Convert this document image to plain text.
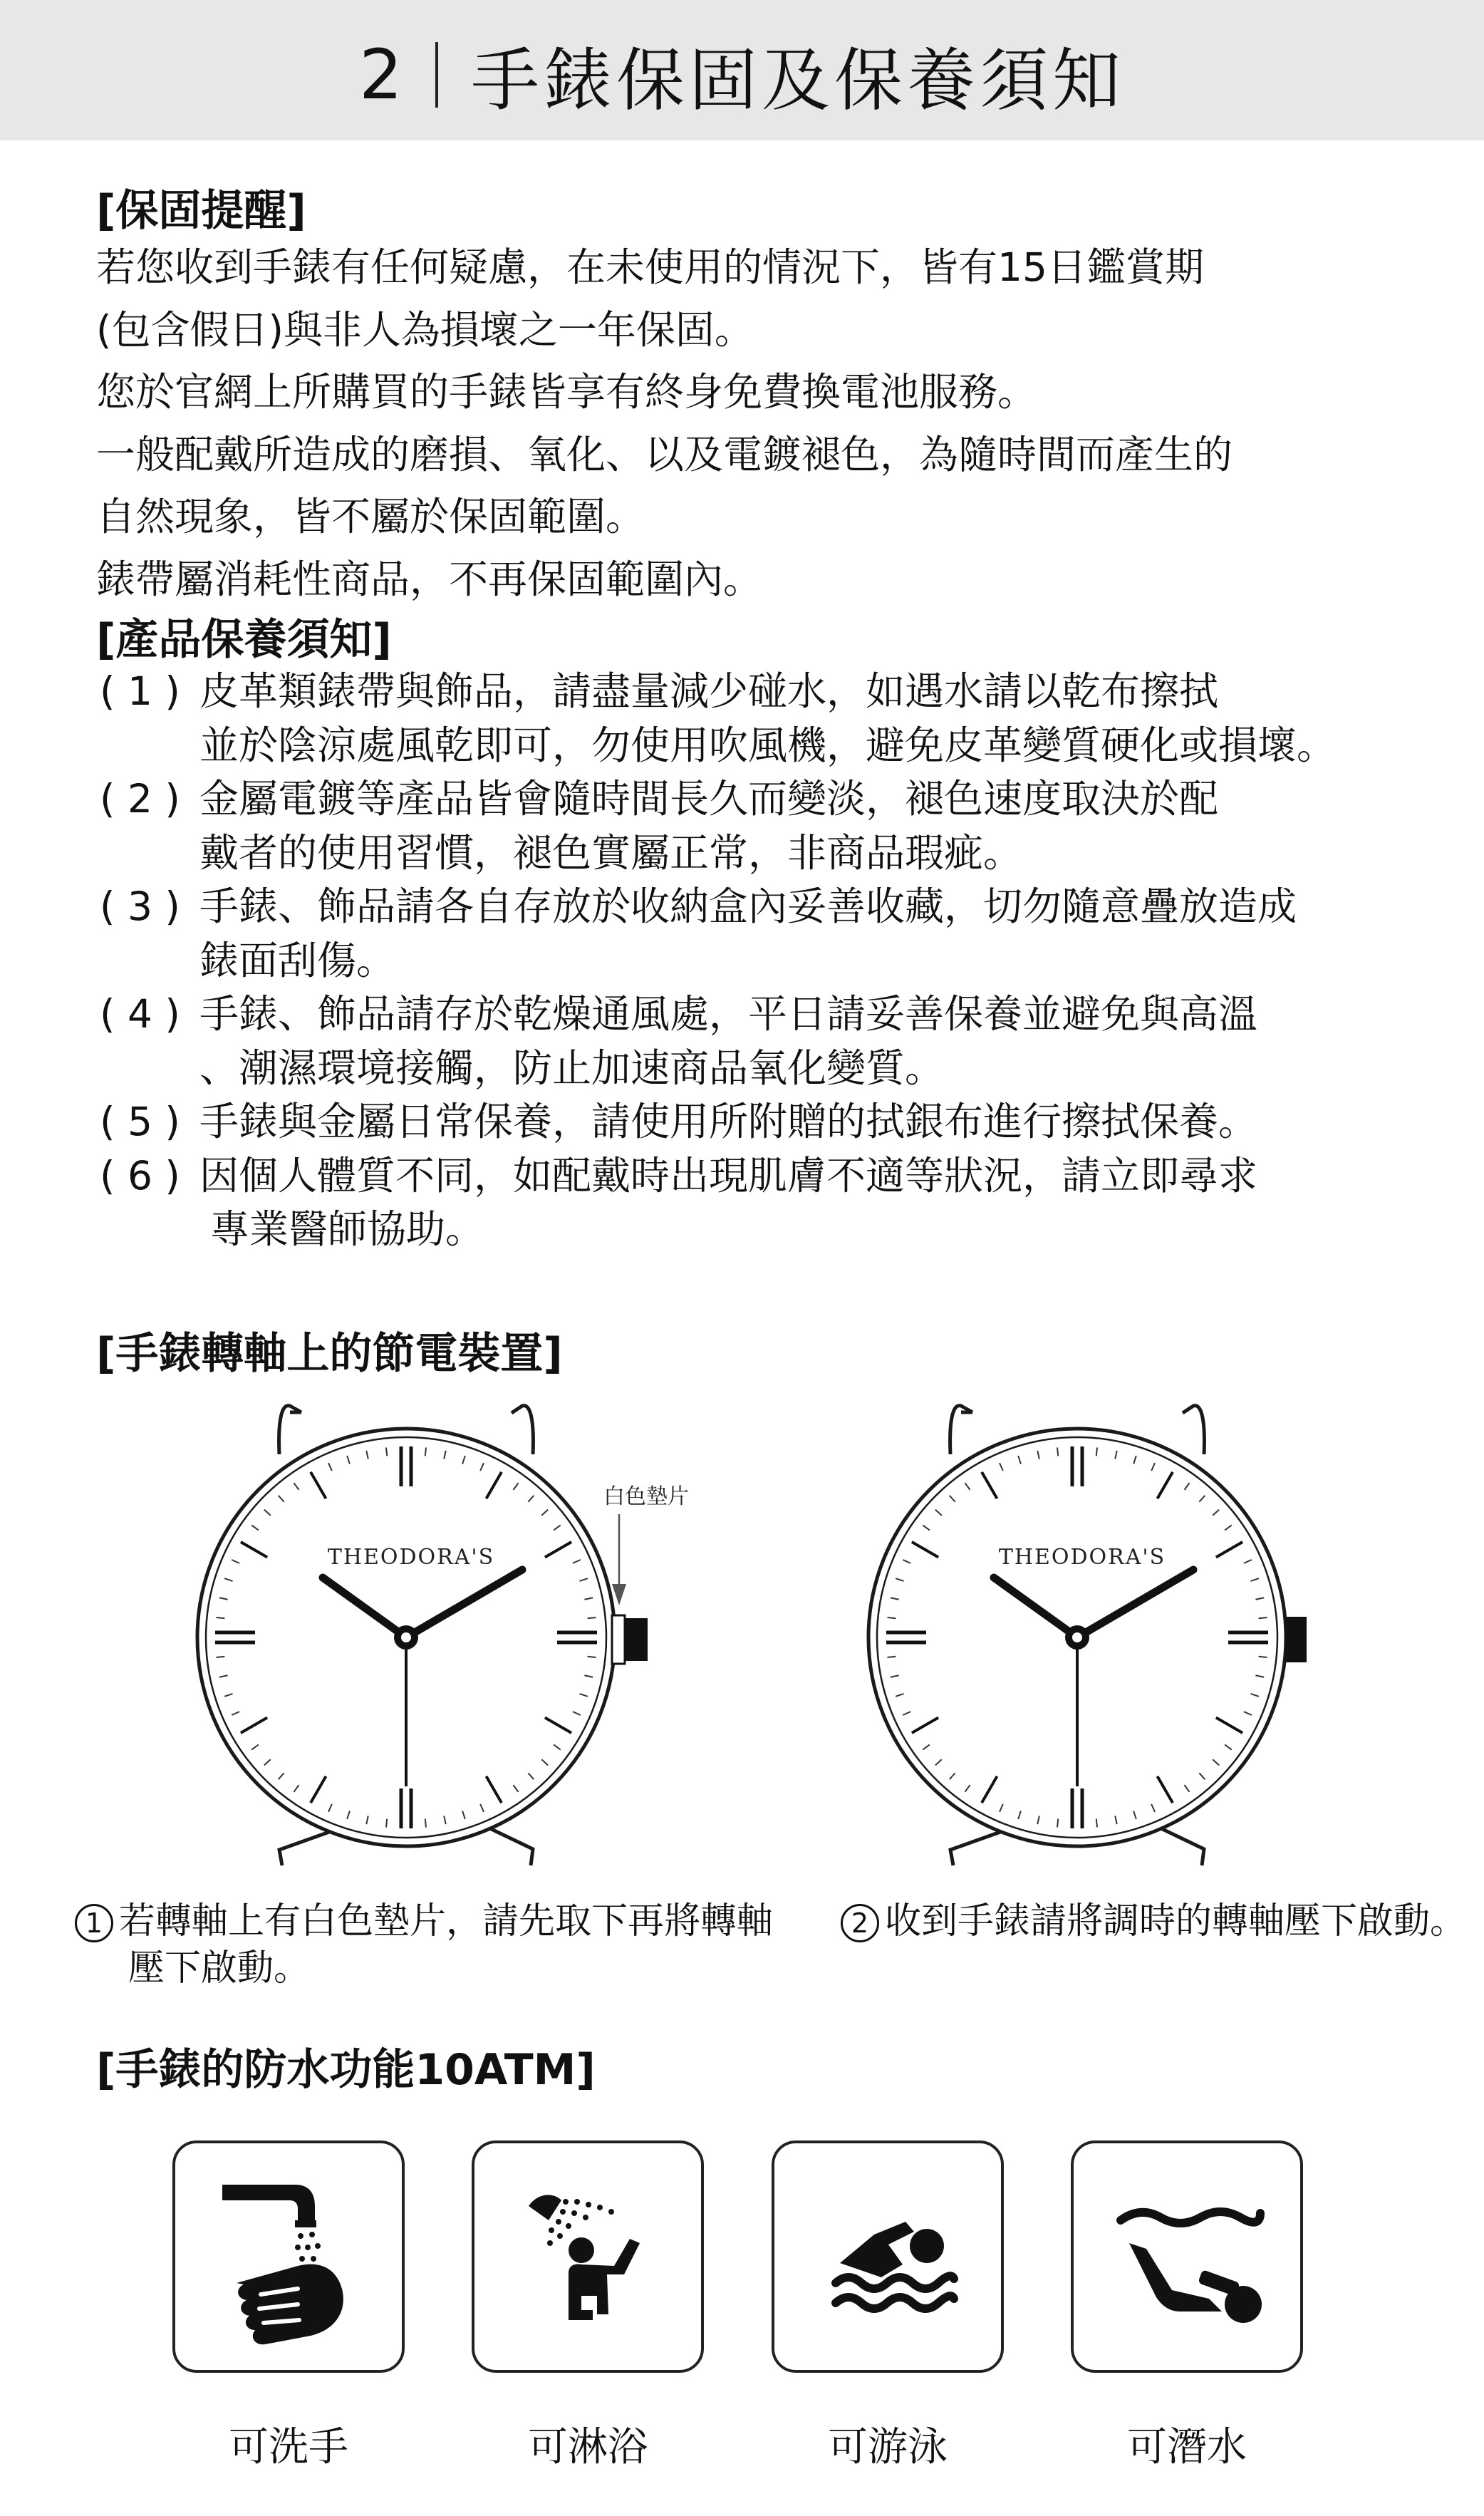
2 手錶保固及保養須知
[保固提醒]
若您收到手錶有任何疑慮，在未使用的情況下，皆有15日鑑賞期
(包含假日)與非人為損壞之一年保固。
您於官網上所購買的手錶皆享有終身免費換電池服務。
一般配戴所造成的磨損、氧化、以及電鍍褪色，為隨時間而產生的
自然現象，皆不屬於保固範圍。
錶帶屬消耗性商品，不再保固範圍內。
[產品保養須知]
( 1 ) 皮革類錶帶與飾品，請盡量減少碰水，如遇水請以乾布擦拭
並於陰涼處風乾即可，勿使用吹風機，避免皮革變質硬化或損壞。
( 2 ) 金屬電鍍等產品皆會隨時間長久而變淡，褪色速度取決於配
戴者的使用習慣，褪色實屬正常，非商品瑕疵。
( 3 ) 手錶、飾品請各自存放於收納盒內妥善收藏，切勿隨意疊放造成
錶面刮傷。
( 4 ) 手錶、飾品請存於乾燥通風處，平日請妥善保養並避免與高溫
、潮濕環境接觸，防止加速商品氧化變質。
( 5 ) 手錶與金屬日常保養，請使用所附贈的拭銀布進行擦拭保養。
( 6 ) 因個人體質不同，如配戴時出現肌膚不適等狀況，請立即尋求
專業醫師協助。
[手錶轉軸上的節電裝置]
THEODORA'S
白色墊片
THEODORA'S
1 若轉軸上有白色墊片，請先取下再將轉軸
壓下啟動。
2 收到手錶請將調時的轉軸壓下啟動。
[手錶的防水功能10ATM]
可洗手	可淋浴	可游泳	可潛水
